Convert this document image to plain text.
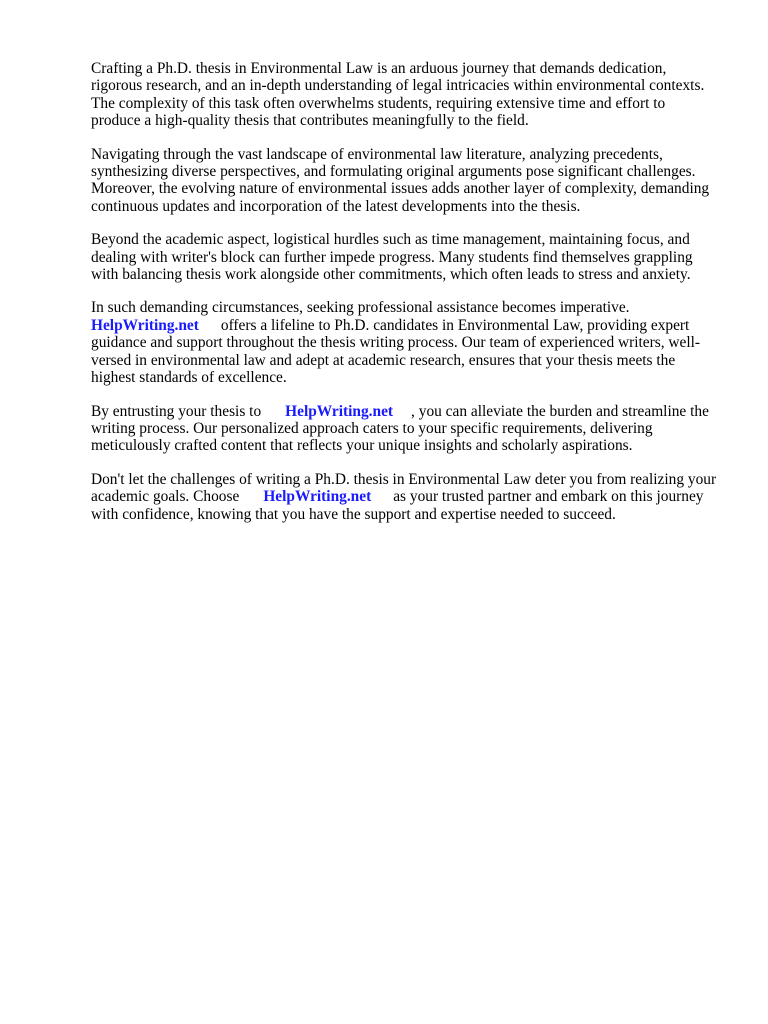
Crafting a Ph.D. thesis in Environmental Law is an arduous journey that demands dedication,
rigorous research, and an in-depth understanding of legal intricacies within environmental contexts.
The complexity of this task often overwhelms students, requiring extensive time and effort to
produce a high-quality thesis that contributes meaningfully to the field.

Navigating through the vast landscape of environmental law literature, analyzing precedents,
synthesizing diverse perspectives, and formulating original arguments pose significant challenges.
Moreover, the evolving nature of environmental issues adds another layer of complexity, demanding
continuous updates and incorporation of the latest developments into the thesis.

Beyond the academic aspect, logistical hurdles such as time management, maintaining focus, and
dealing with writer's block can further impede progress. Many students find themselves grappling
with balancing thesis work alongside other commitments, which often leads to stress and anxiety.

In such demanding circumstances, seeking professional assistance becomes imperative.
HelpWriting.net offers a lifeline to Ph.D. candidates in Environmental Law, providing expert
guidance and support throughout the thesis writing process. Our team of experienced writers, well-
versed in environmental law and adept at academic research, ensures that your thesis meets the
highest standards of excellence.

By entrusting your thesis to HelpWriting.net , you can alleviate the burden and streamline the
writing process. Our personalized approach caters to your specific requirements, delivering
meticulously crafted content that reflects your unique insights and scholarly aspirations.

Don't let the challenges of writing a Ph.D. thesis in Environmental Law deter you from realizing your
academic goals. Choose HelpWriting.net as your trusted partner and embark on this journey
with confidence, knowing that you have the support and expertise needed to succeed.
